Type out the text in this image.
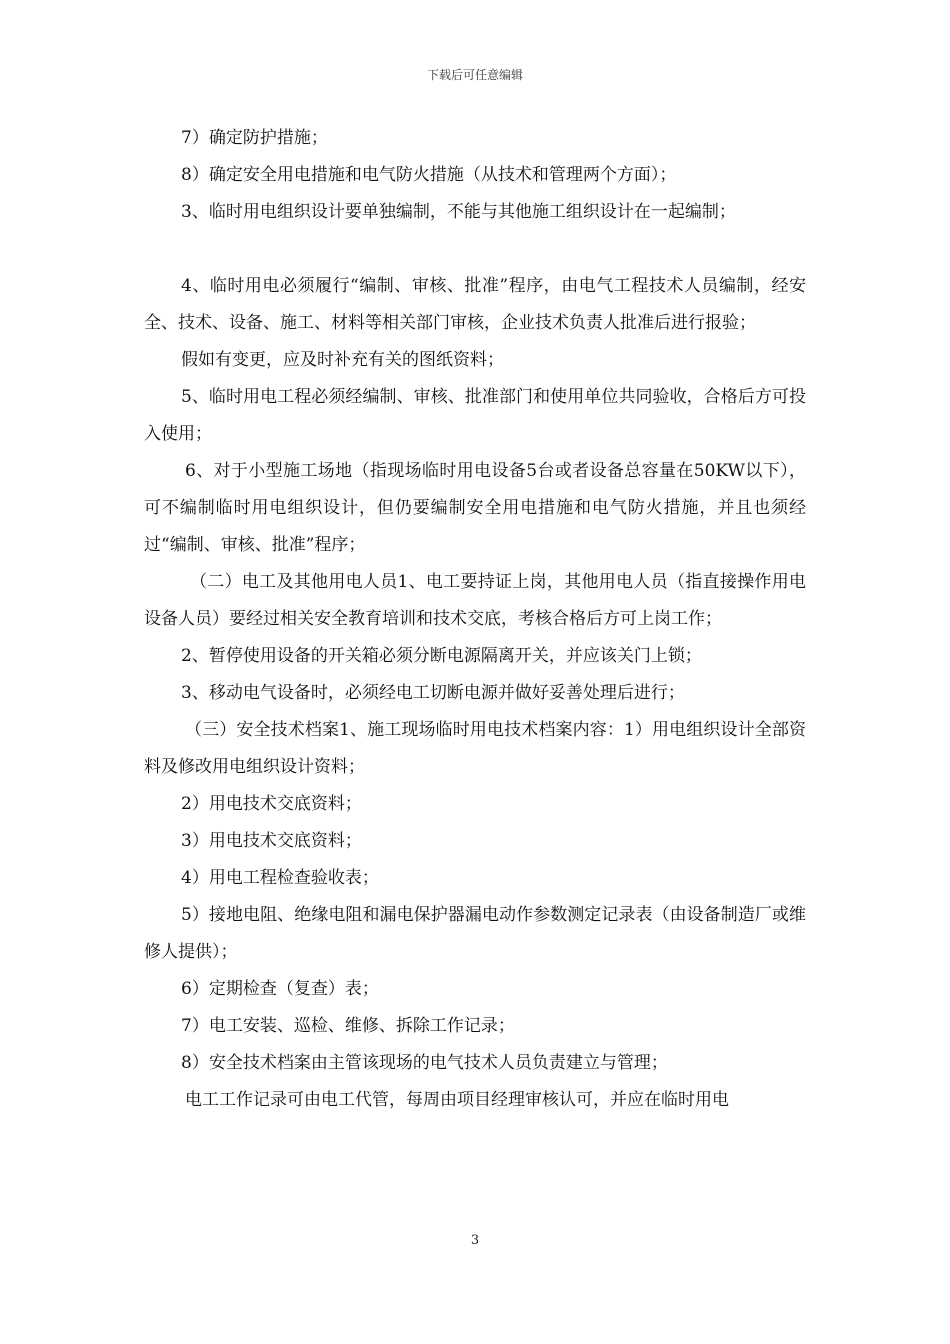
下载后可任意编辑

7）确定防护措施；

8）确定安全用电措施和电气防火措施（从技术和管理两个方面）；

3、临时用电组织设计要单独编制，不能与其他施工组织设计在一起编制；

4、临时用电必须履行“编制、审核、批准”程序，由电气工程技术人员编制，经安全、技术、设备、施工、材料等相关部门审核，企业技术负责人批准后进行报验；

假如有变更，应及时补充有关的图纸资料；

5、临时用电工程必须经编制、审核、批准部门和使用单位共同验收，合格后方可投入使用；

6、对于小型施工场地（指现场临时用电设备5台或者设备总容量在50KW以下），可不编制临时用电组织设计，但仍要编制安全用电措施和电气防火措施，并且也须经过“编制、审核、批准”程序；

（二）电工及其他用电人员1、电工要持证上岗，其他用电人员（指直接操作用电设备人员）要经过相关安全教育培训和技术交底，考核合格后方可上岗工作；

2、暂停使用设备的开关箱必须分断电源隔离开关，并应该关门上锁；

3、移动电气设备时，必须经电工切断电源并做好妥善处理后进行；

（三）安全技术档案1、施工现场临时用电技术档案内容：1）用电组织设计全部资料及修改用电组织设计资料；

2）用电技术交底资料；

3）用电技术交底资料；

4）用电工程检查验收表；

5）接地电阻、绝缘电阻和漏电保护器漏电动作参数测定记录表（由设备制造厂或维修人提供）；

6）定期检查（复查）表；

7）电工安装、巡检、维修、拆除工作记录；

8）安全技术档案由主管该现场的电气技术人员负责建立与管理；

电工工作记录可由电工代管，每周由项目经理审核认可，并应在临时用电

3
